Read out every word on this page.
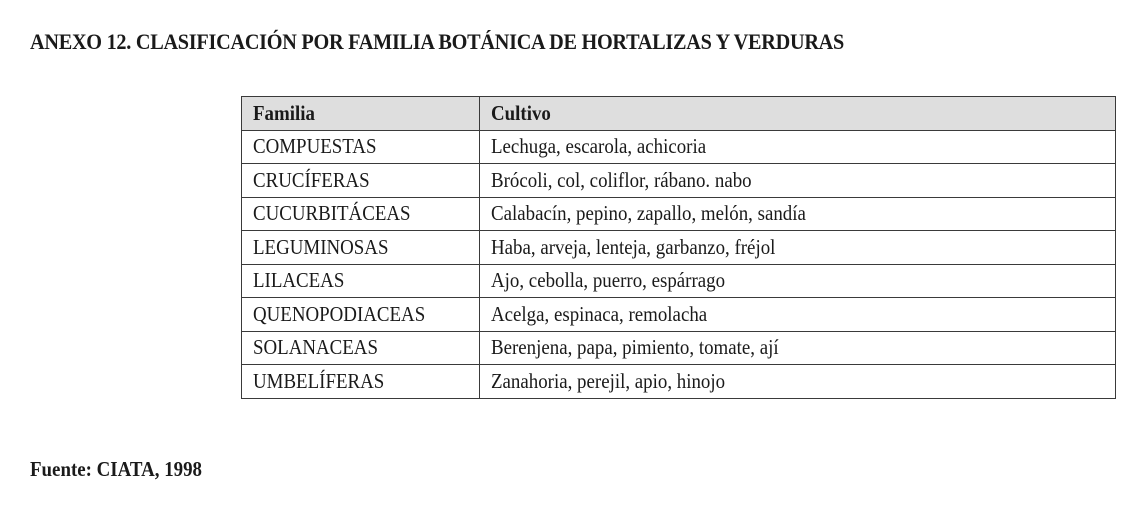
ANEXO 12. CLASIFICACIÓN POR FAMILIA BOTÁNICA DE HORTALIZAS Y VERDURAS
Familia	Cultivo
COMPUESTAS	Lechuga, escarola, achicoria
CRUCÍFERAS	Brócoli, col, coliflor, rábano. nabo
CUCURBITÁCEAS	Calabacín, pepino, zapallo, melón, sandía
LEGUMINOSAS	Haba, arveja, lenteja, garbanzo, fréjol
LILACEAS	Ajo, cebolla, puerro, espárrago
QUENOPODIACEAS	Acelga, espinaca, remolacha
SOLANACEAS	Berenjena, papa, pimiento, tomate, ají
UMBELÍFERAS	Zanahoria, perejil, apio, hinojo
Fuente: CIATA, 1998
